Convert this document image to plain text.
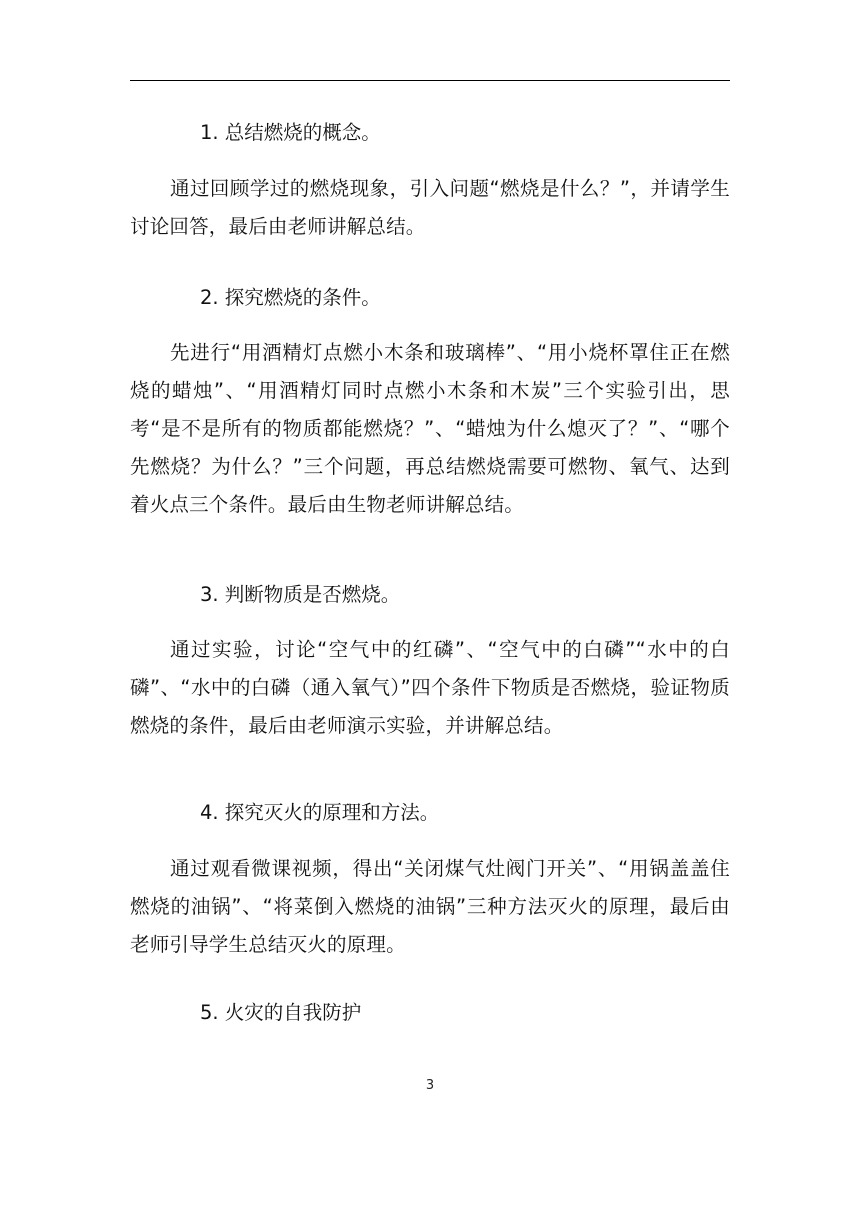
1. 总结燃烧的概念。

通过回顾学过的燃烧现象，引入问题“燃烧是什么？”，并请学生讨论回答，最后由老师讲解总结。

2. 探究燃烧的条件。

先进行“用酒精灯点燃小木条和玻璃棒”、“用小烧杯罩住正在燃烧的蜡烛”、“用酒精灯同时点燃小木条和木炭”三个实验引出，思考“是不是所有的物质都能燃烧？”、“蜡烛为什么熄灭了？”、“哪个先燃烧？为什么？”三个问题，再总结燃烧需要可燃物、氧气、达到着火点三个条件。最后由生物老师讲解总结。

3. 判断物质是否燃烧。

通过实验，讨论“空气中的红磷”、“空气中的白磷”“水中的白磷”、“水中的白磷（通入氧气）”四个条件下物质是否燃烧，验证物质燃烧的条件，最后由老师演示实验，并讲解总结。

4. 探究灭火的原理和方法。

通过观看微课视频，得出“关闭煤气灶阀门开关”、“用锅盖盖住燃烧的油锅”、“将菜倒入燃烧的油锅”三种方法灭火的原理，最后由老师引导学生总结灭火的原理。

5. 火灾的自我防护

3
